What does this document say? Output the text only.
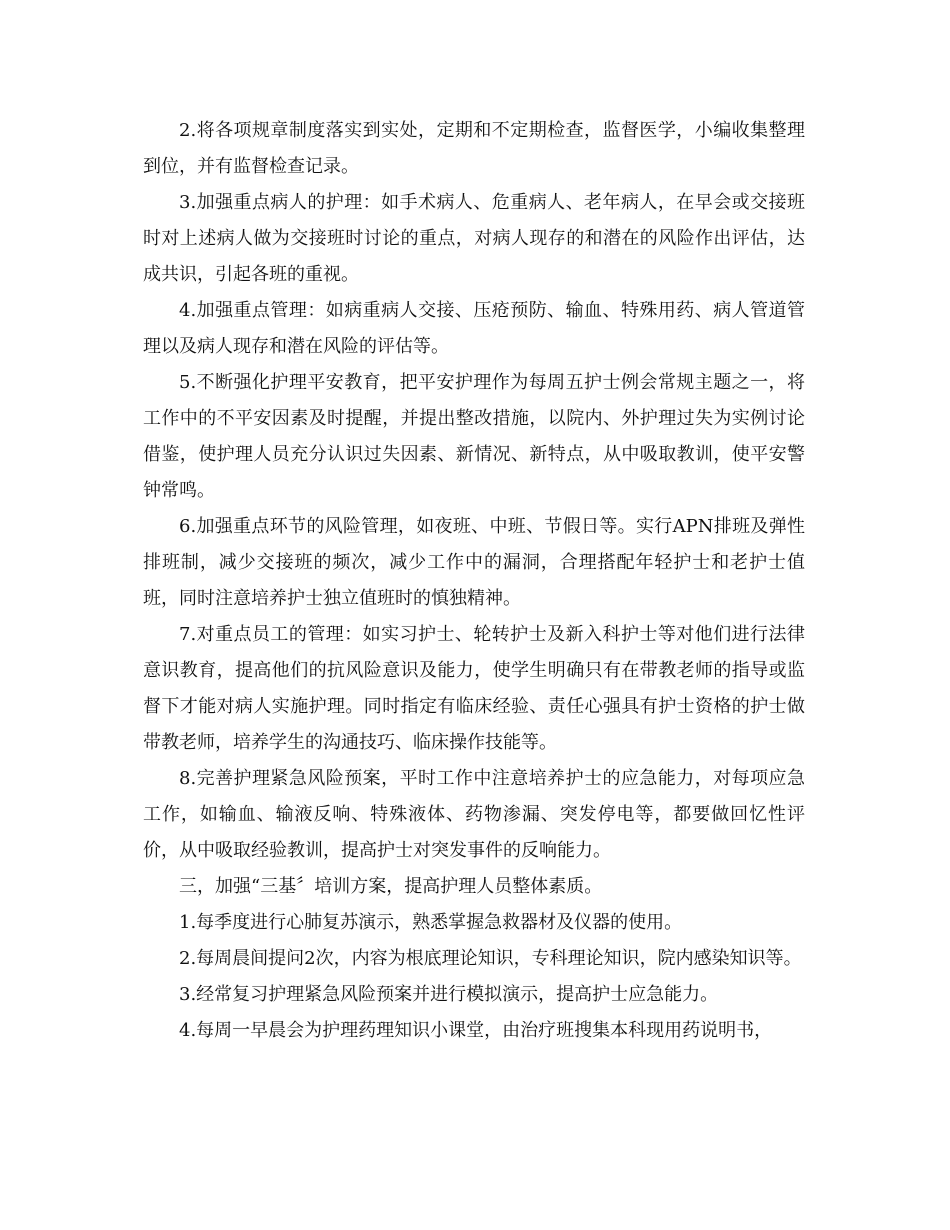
2.将各项规章制度落实到实处，定期和不定期检查，监督医学，小编收集整理到位，并有监督检查记录。

3.加强重点病人的护理：如手术病人、危重病人、老年病人，在早会或交接班时对上述病人做为交接班时讨论的重点，对病人现存的和潜在的风险作出评估，达成共识，引起各班的重视。

4.加强重点管理：如病重病人交接、压疮预防、输血、特殊用药、病人管道管理以及病人现存和潜在风险的评估等。

5.不断强化护理平安教育，把平安护理作为每周五护士例会常规主题之一，将工作中的不平安因素及时提醒，并提出整改措施，以院内、外护理过失为实例讨论借鉴，使护理人员充分认识过失因素、新情况、新特点，从中吸取教训，使平安警钟常鸣。

6.加强重点环节的风险管理，如夜班、中班、节假日等。实行APN排班及弹性排班制，减少交接班的频次，减少工作中的漏洞，合理搭配年轻护士和老护士值班，同时注意培养护士独立值班时的慎独精神。

7.对重点员工的管理：如实习护士、轮转护士及新入科护士等对他们进行法律意识教育，提高他们的抗风险意识及能力，使学生明确只有在带教老师的指导或监督下才能对病人实施护理。同时指定有临床经验、责任心强具有护士资格的护士做带教老师，培养学生的沟通技巧、临床操作技能等。

8.完善护理紧急风险预案，平时工作中注意培养护士的应急能力，对每项应急工作，如输血、输液反响、特殊液体、药物渗漏、突发停电等，都要做回忆性评价，从中吸取经验教训，提高护士对突发事件的反响能力。

三，加强“三基〞培训方案，提高护理人员整体素质。

1.每季度进行心肺复苏演示，熟悉掌握急救器材及仪器的使用。

2.每周晨间提问2次，内容为根底理论知识，专科理论知识，院内感染知识等。

3.经常复习护理紧急风险预案并进行模拟演示，提高护士应急能力。

4.每周一早晨会为护理药理知识小课堂，由治疗班搜集本科现用药说明书，
